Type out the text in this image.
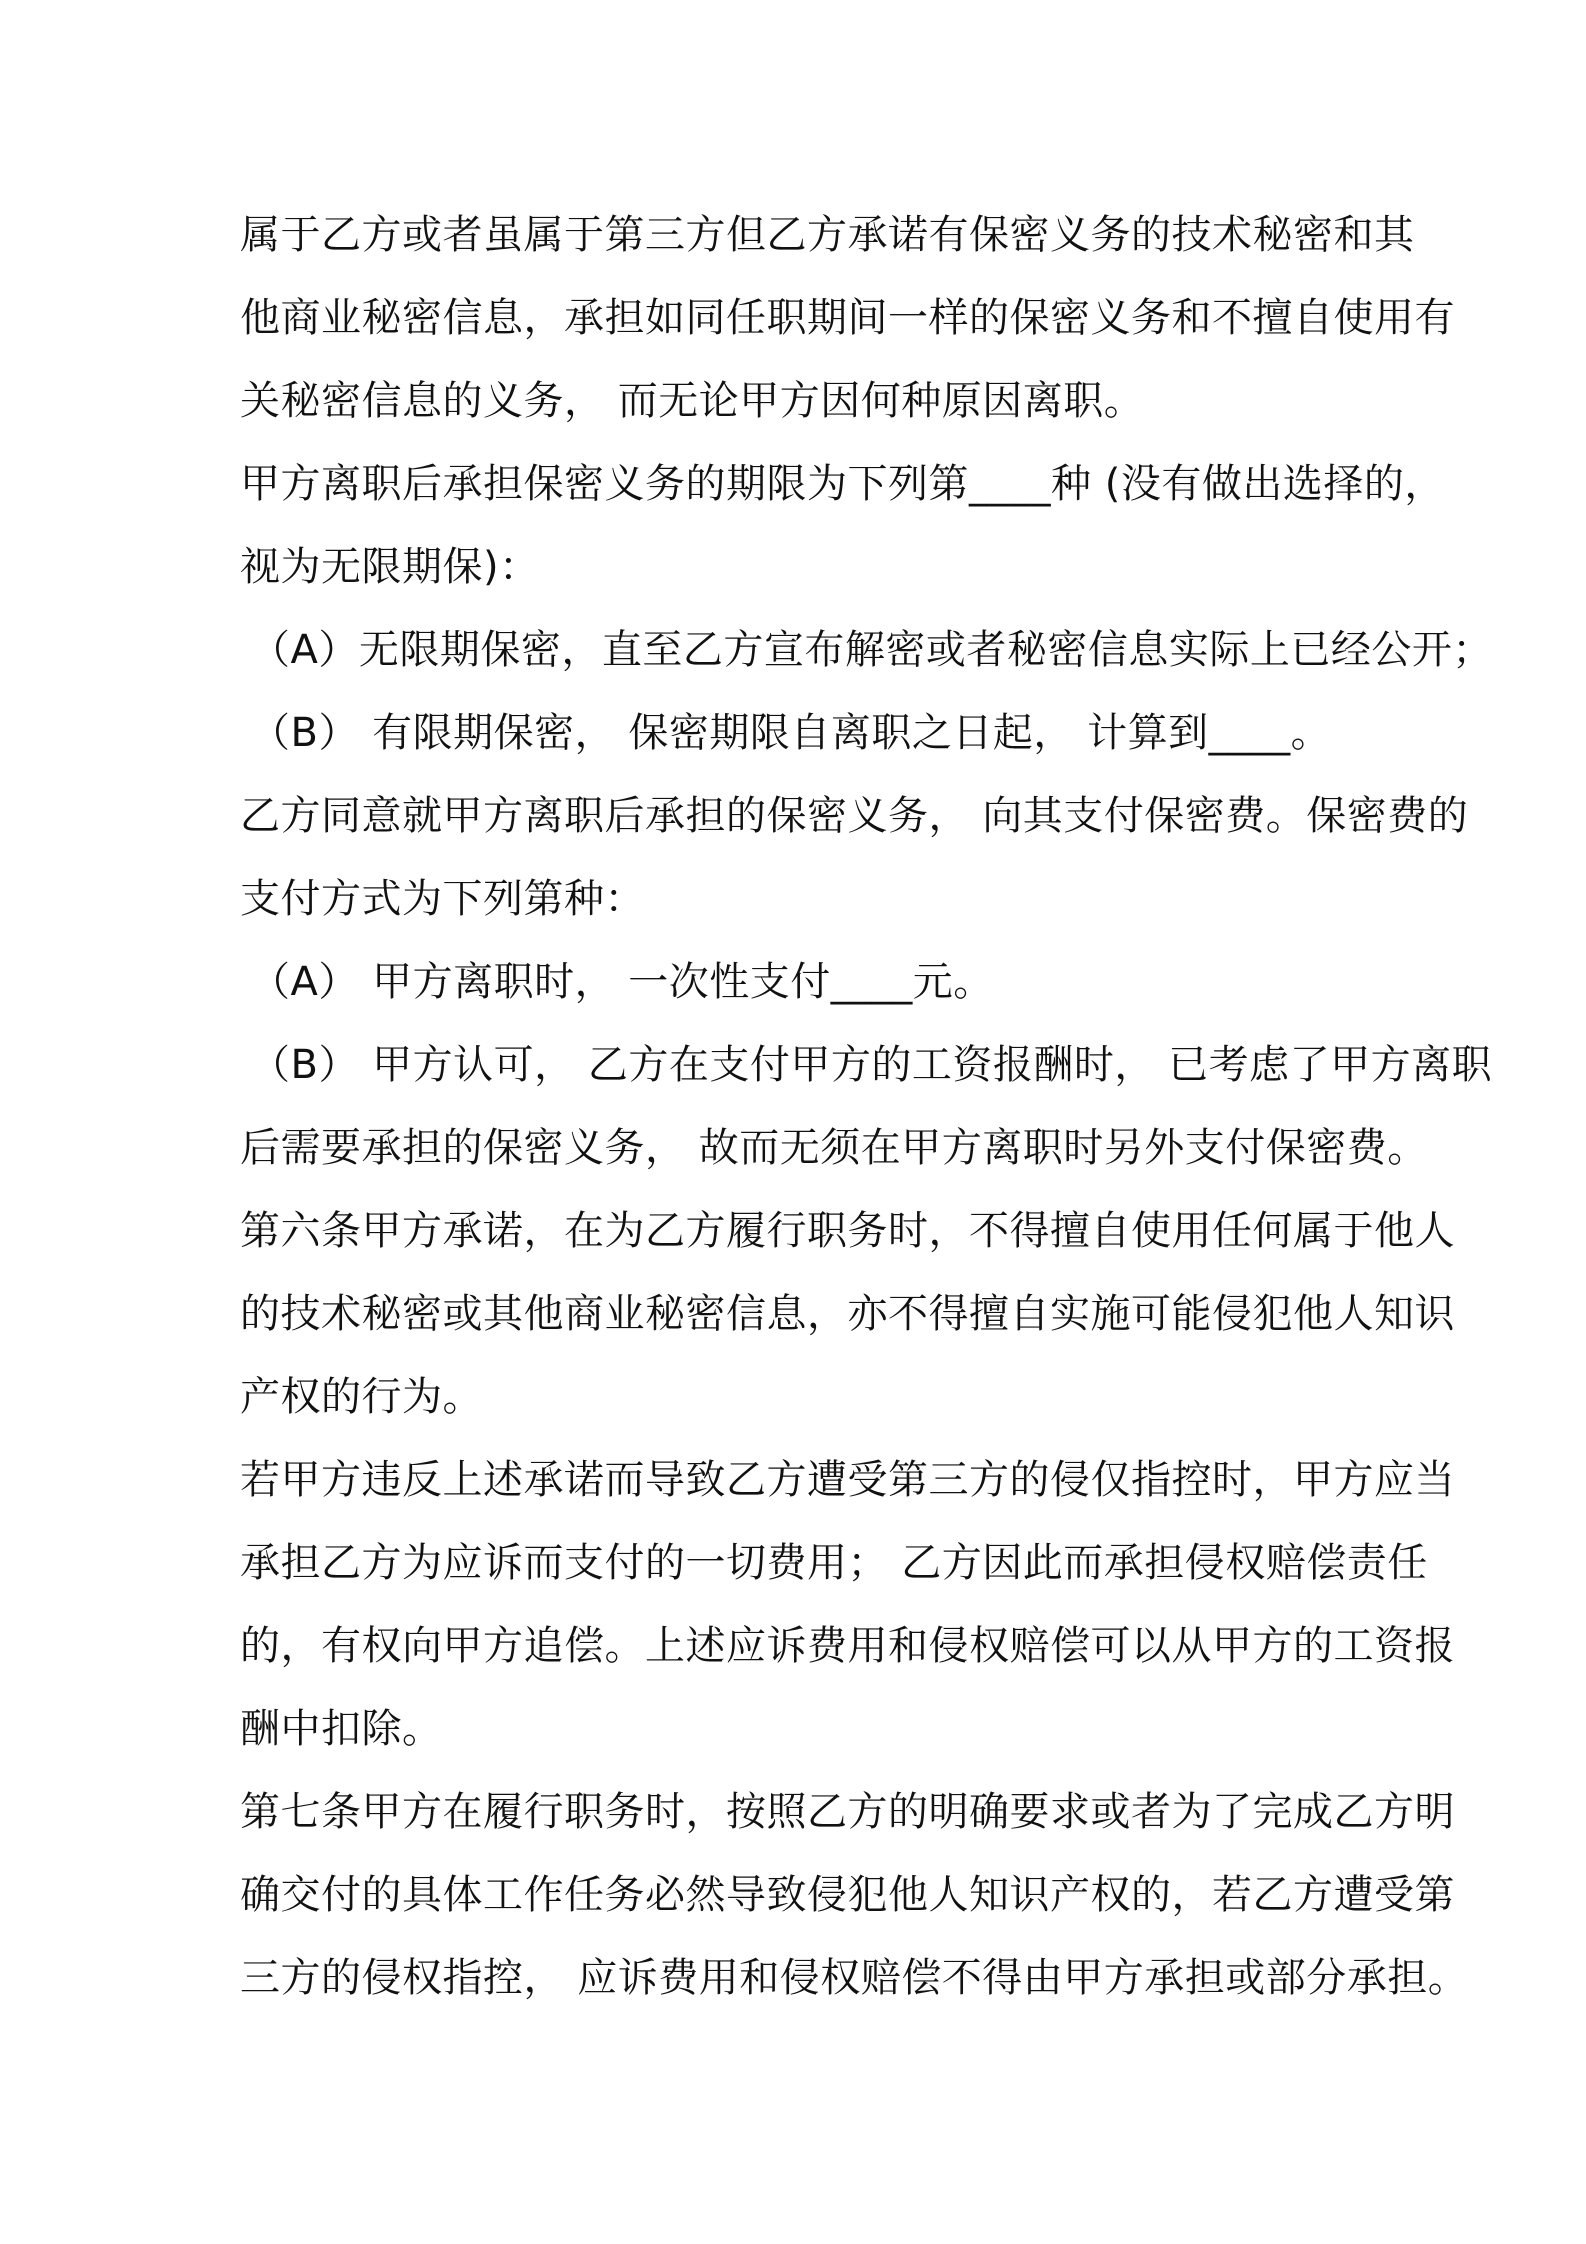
属于乙方或者虽属于第三方但乙方承诺有保密义务的技术秘密和其
他商业秘密信息，承担如同任职期间一样的保密义务和不擅自使用有
关秘密信息的义务， 而无论甲方因何种原因离职。
甲方离职后承担保密义务的期限为下列第____种 (没有做出选择的，
视为无限期保)：
（A）无限期保密，直至乙方宣布解密或者秘密信息实际上已经公开；
（B） 有限期保密， 保密期限自离职之日起， 计算到____。
乙方同意就甲方离职后承担的保密义务， 向其支付保密费。保密费的
支付方式为下列第种：
（A） 甲方离职时， 一次性支付____元。
（B） 甲方认可， 乙方在支付甲方的工资报酬时， 已考虑了甲方离职
后需要承担的保密义务， 故而无须在甲方离职时另外支付保密费。
第六条甲方承诺，在为乙方履行职务时，不得擅自使用任何属于他人
的技术秘密或其他商业秘密信息，亦不得擅自实施可能侵犯他人知识
产权的行为。
若甲方违反上述承诺而导致乙方遭受第三方的侵仅指控时，甲方应当
承担乙方为应诉而支付的一切费用； 乙方因此而承担侵权赔偿责任
的，有权向甲方追偿。上述应诉费用和侵权赔偿可以从甲方的工资报
酬中扣除。
第七条甲方在履行职务时，按照乙方的明确要求或者为了完成乙方明
确交付的具体工作任务必然导致侵犯他人知识产权的，若乙方遭受第
三方的侵权指控， 应诉费用和侵权赔偿不得由甲方承担或部分承担。
